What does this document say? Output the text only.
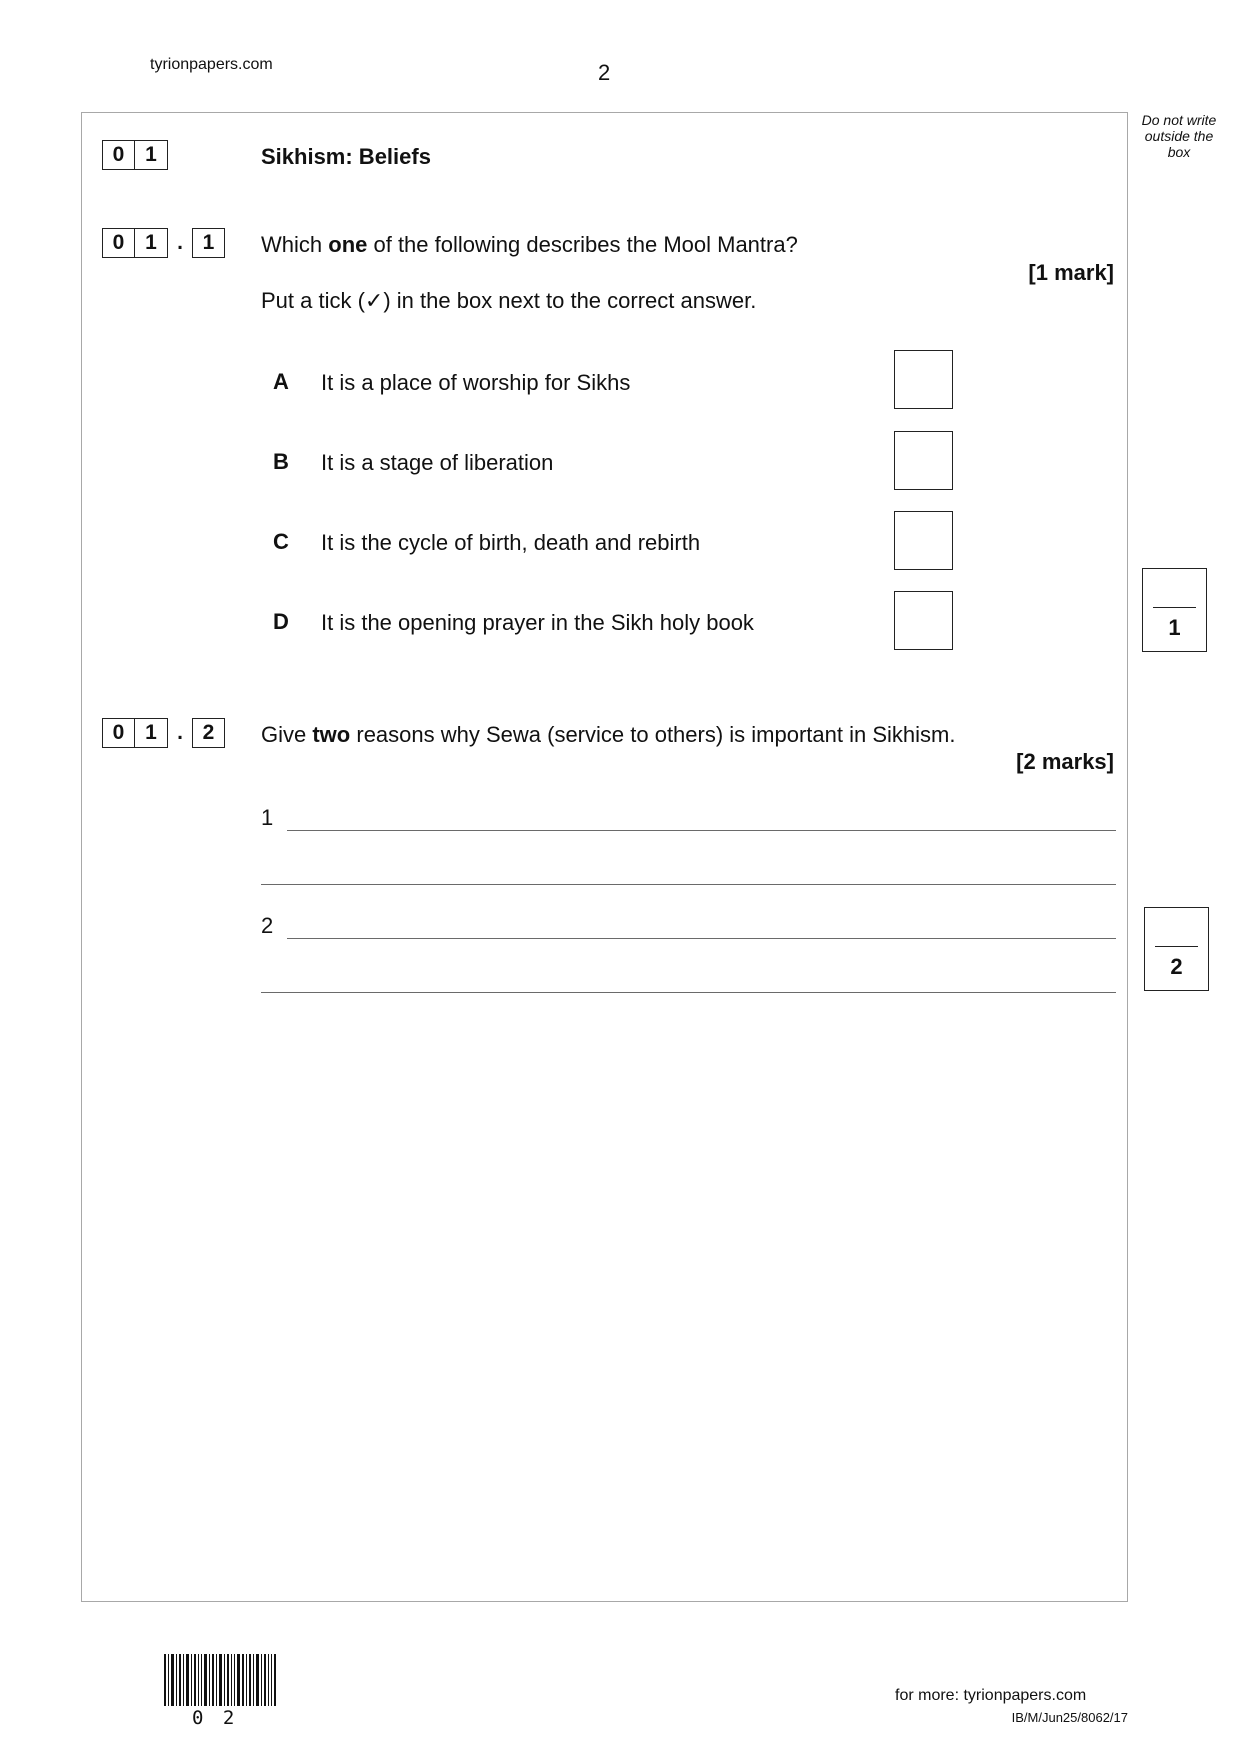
tyrionpapers.com	2
Do not write outside the box
0 1	Sikhism: Beliefs
0 1 . 1	Which one of the following describes the Mool Mantra?
[1 mark]
Put a tick (✓) in the box next to the correct answer.
A It is a place of worship for Sikhs
B It is a stage of liberation
C It is the cycle of birth, death and rebirth
D It is the opening prayer in the Sikh holy book	1
0 1 . 2	Give two reasons why Sewa (service to others) is important in Sikhism.
[2 marks]
1
2
2
0 2
for more: tyrionpapers.com
IB/M/Jun25/8062/17
